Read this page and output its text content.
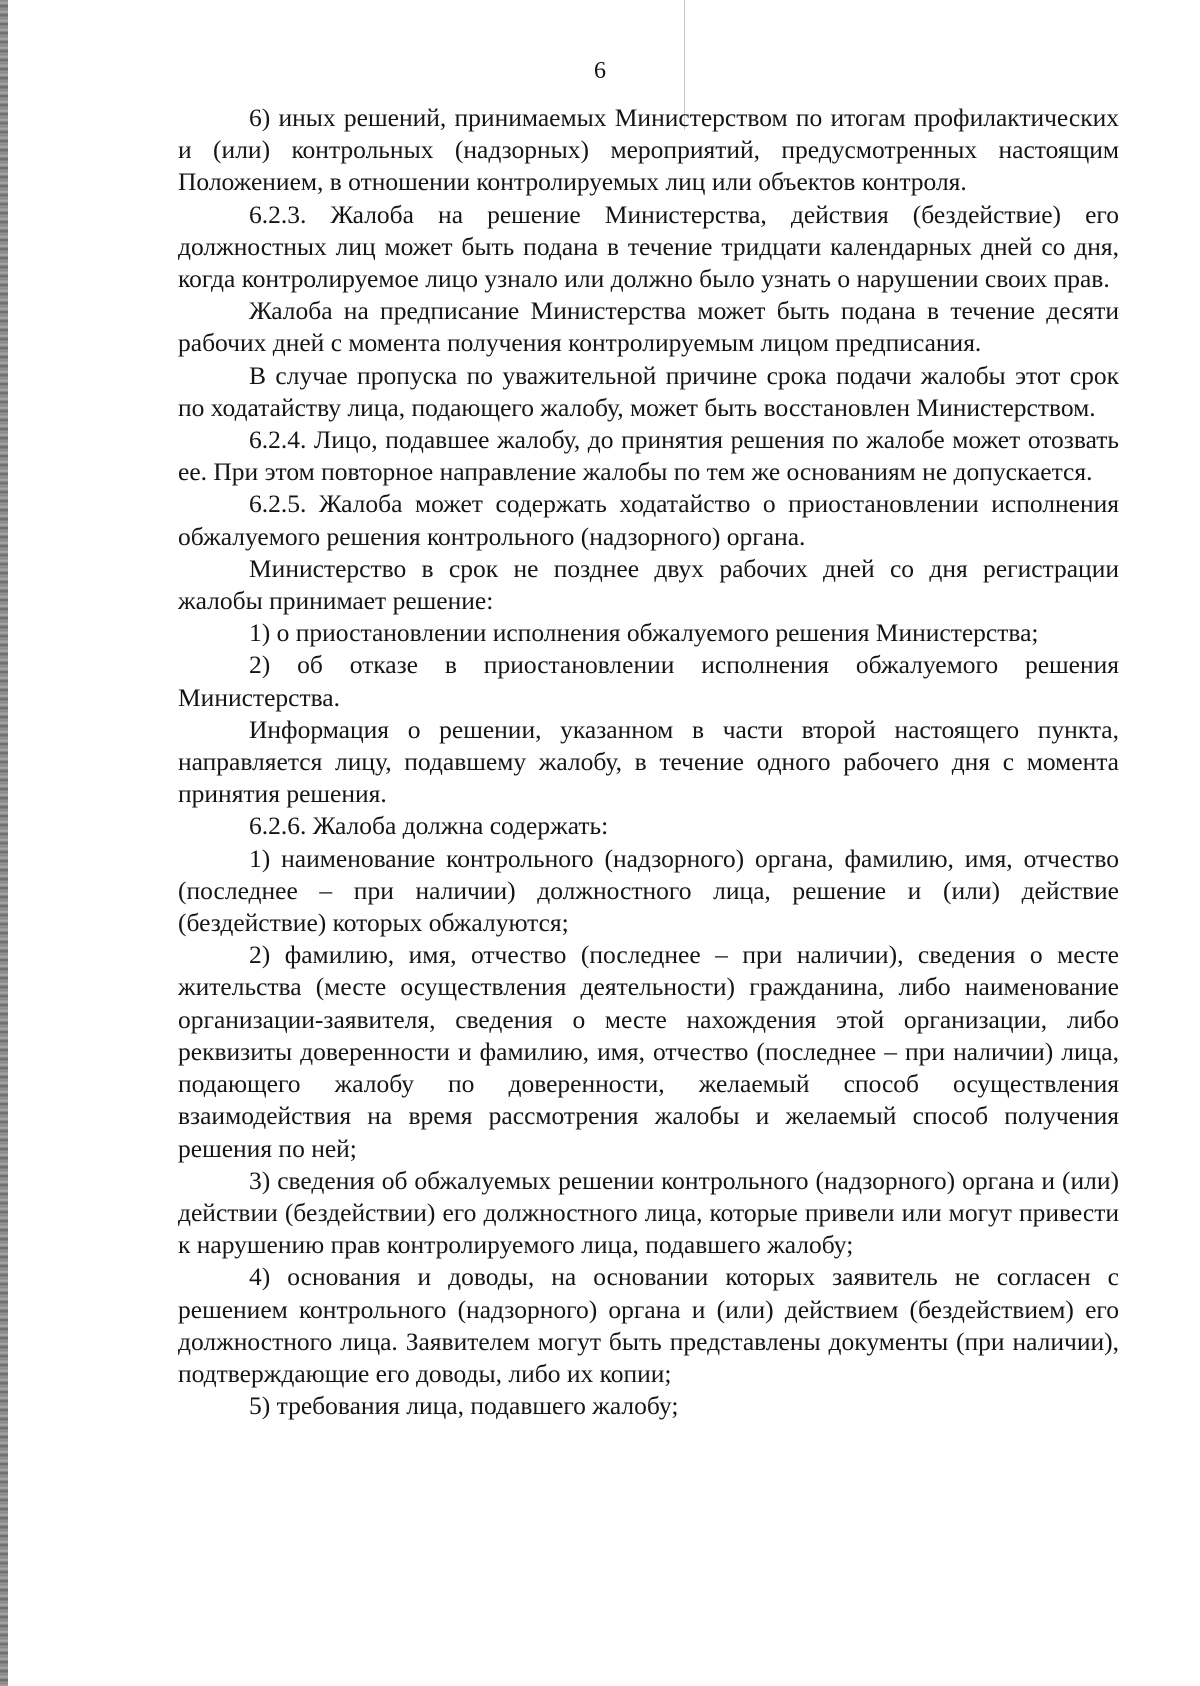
6

6) иных решений, принимаемых Министерством по итогам профилактических и (или) контрольных (надзорных) мероприятий, предусмотренных настоящим Положением, в отношении контролируемых лиц или объектов контроля.

6.2.3. Жалоба на решение Министерства, действия (бездействие) его должностных лиц может быть подана в течение тридцати календарных дней со дня, когда контролируемое лицо узнало или должно было узнать о нарушении своих прав.

Жалоба на предписание Министерства может быть подана в течение десяти рабочих дней с момента получения контролируемым лицом предписания.

В случае пропуска по уважительной причине срока подачи жалобы этот срок по ходатайству лица, подающего жалобу, может быть восстановлен Министерством.

6.2.4. Лицо, подавшее жалобу, до принятия решения по жалобе может отозвать ее. При этом повторное направление жалобы по тем же основаниям не допускается.

6.2.5. Жалоба может содержать ходатайство о приостановлении исполнения обжалуемого решения контрольного (надзорного) органа.

Министерство в срок не позднее двух рабочих дней со дня регистрации жалобы принимает решение:

1) о приостановлении исполнения обжалуемого решения Министерства;

2) об отказе в приостановлении исполнения обжалуемого решения Министерства.

Информация о решении, указанном в части второй настоящего пункта, направляется лицу, подавшему жалобу, в течение одного рабочего дня с момента принятия решения.

6.2.6. Жалоба должна содержать:

1) наименование контрольного (надзорного) органа, фамилию, имя, отчество (последнее – при наличии) должностного лица, решение и (или) действие (бездействие) которых обжалуются;

2) фамилию, имя, отчество (последнее – при наличии), сведения о месте жительства (месте осуществления деятельности) гражданина, либо наименование организации-заявителя, сведения о месте нахождения этой организации, либо реквизиты доверенности и фамилию, имя, отчество (последнее – при наличии) лица, подающего жалобу по доверенности, желаемый способ осуществления взаимодействия на время рассмотрения жалобы и желаемый способ получения решения по ней;

3) сведения об обжалуемых решении контрольного (надзорного) органа и (или) действии (бездействии) его должностного лица, которые привели или могут привести к нарушению прав контролируемого лица, подавшего жалобу;

4) основания и доводы, на основании которых заявитель не согласен с решением контрольного (надзорного) органа и (или) действием (бездействием) его должностного лица. Заявителем могут быть представлены документы (при наличии), подтверждающие его доводы, либо их копии;

5) требования лица, подавшего жалобу;
